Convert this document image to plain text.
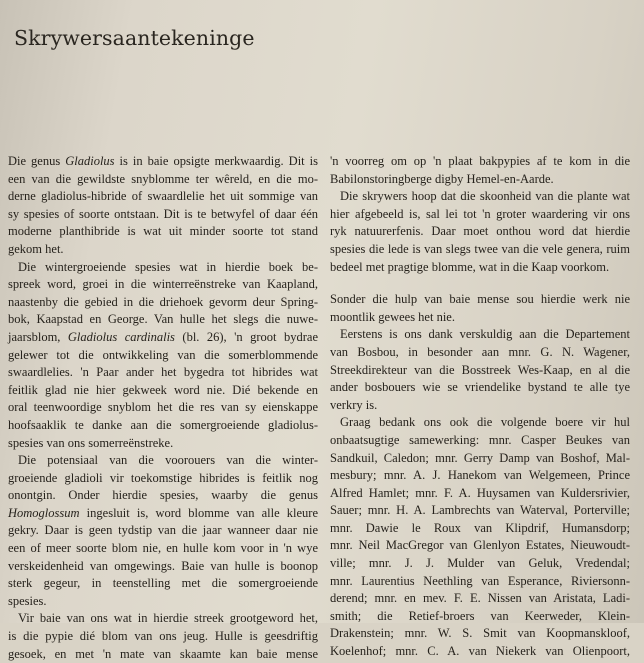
Skrywersaantekeninge
Die genus Gladiolus is in baie opsigte merkwaardig. Dit is
een van die gewildste snyblomme ter wêreld, en die mo-
derne gladiolus-hibride of swaardlelie het uit sommige van
sy spesies of soorte ontstaan. Dit is te betwyfel of daar één
moderne planthibride is wat uit minder soorte tot stand
gekom het.
Die wintergroeiende spesies wat in hierdie boek be-
spreek word, groei in die winterreënstreke van Kaapland,
naastenby die gebied in die driehoek gevorm deur Spring-
bok, Kaapstad en George. Van hulle het slegs die nuwe-
jaarsblom, Gladiolus cardinalis (bl. 26), 'n groot bydrae
gelewer tot die ontwikkeling van die somerblommende
swaardlelies. 'n Paar ander het bygedra tot hibrides wat
feitlik glad nie hier gekweek word nie. Dié bekende en
oral teenwoordige snyblom het die res van sy eienskappe
hoofsaaklik te danke aan die somergroeiende gladiolus-
spesies van ons somerreënstreke.
Die potensiaal van die voorouers van die winter-
groeiende gladioli vir toekomstige hibrides is feitlik nog
onontgin. Onder hierdie spesies, waarby die genus
Homoglossum ingesluit is, word blomme van alle kleure
gekry. Daar is geen tydstip van die jaar wanneer daar nie
een of meer soorte blom nie, en hulle kom voor in 'n wye
verskeidenheid van omgewings. Baie van hulle is boonop
sterk gegeur, in teenstelling met die somergroeiende
spesies.
Vir baie van ons wat in hierdie streek grootgeword het,
is die pypie dié blom van ons jeug. Hulle is geesdriftig
gesoek, en met 'n mate van skaamte kan baie mense
'n voorreg om op 'n plaat bakpypies af te kom in die
Babilonstoringberge digby Hemel-en-Aarde.
Die skrywers hoop dat die skoonheid van die plante wat
hier afgebeeld is, sal lei tot 'n groter waardering vir ons
ryk natuurerfenis. Daar moet onthou word dat hierdie
spesies die lede is van slegs twee van die vele genera, ruim
bedeel met pragtige blomme, wat in die Kaap voorkom.
Sonder die hulp van baie mense sou hierdie werk nie
moontlik gewees het nie.
Eerstens is ons dank verskuldig aan die Departement
van Bosbou, in besonder aan mnr. G. N. Wagener,
Streekdirekteur van die Bosstreek Wes-Kaap, en al die
ander bosbouers wie se vriendelike bystand te alle tye
verkry is.
Graag bedank ons ook die volgende boere vir hul
onbaatsugtige samewerking: mnr. Casper Beukes van
Sandkuil, Caledon; mnr. Gerry Damp van Boshof, Mal-
mesbury; mnr. A. J. Hanekom van Welgemeen, Prince
Alfred Hamlet; mnr. F. A. Huysamen van Kuldersrivier,
Sauer; mnr. H. A. Lambrechts van Waterval, Porterville;
mnr. Dawie le Roux van Klipdrif, Humansdorp;
mnr. Neil MacGregor van Glenlyon Estates, Nieuwoudt-
ville; mnr. J. J. Mulder van Geluk, Vredendal;
mnr. Laurentius Neethling van Esperance, Riviersonn-
derend; mnr. en mev. F. E. Nissen van Aristata, Ladi-
smith; die Retief-broers van Keerweder, Klein-
Drakenstein; mnr. W. S. Smit van Koopmanskloof,
Koelenhof; mnr. C. A. van Niekerk van Olienpoort,
